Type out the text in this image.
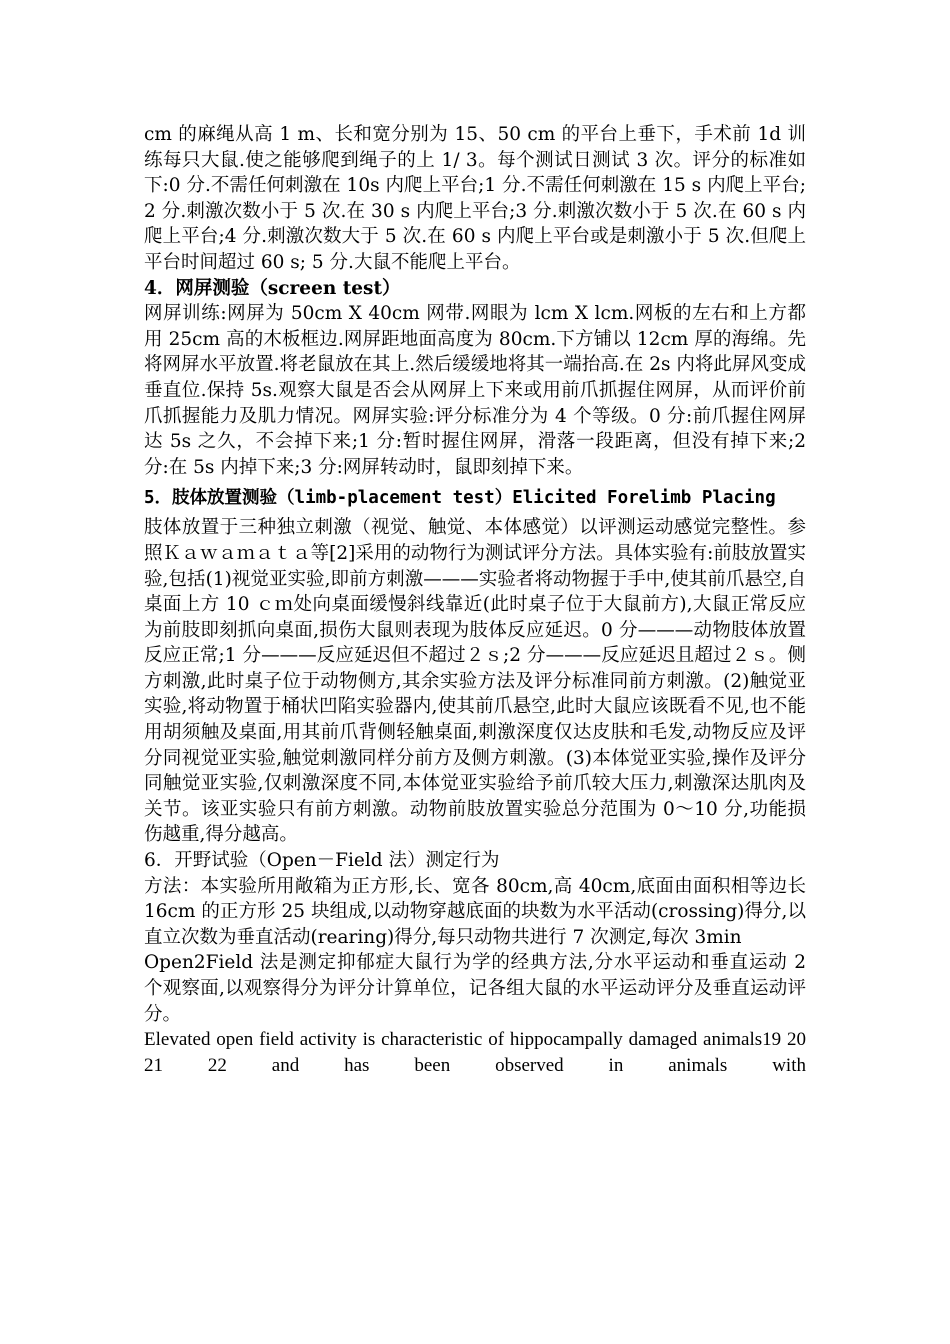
cm 的麻绳从高 1 m、长和宽分别为 15、50 cm 的平台上垂下，手术前 1d 训练每只大鼠.使之能够爬到绳子的上 1/ 3。每个测试日测试 3 次。评分的标准如下:0 分.不需任何刺激在 10s 内爬上平台;1 分.不需任何刺激在 15 s 内爬上平台;2 分.刺激次数小于 5 次.在 30 s 内爬上平台;3 分.刺激次数小于 5 次.在 60 s 内爬上平台;4 分.刺激次数大于 5 次.在 60 s 内爬上平台或是刺激小于 5 次.但爬上平台时间超过 60 s; 5 分.大鼠不能爬上平台。

4．网屏测验（screen test）

网屏训练:网屏为 50cm X 40cm 网带.网眼为 lcm X lcm.网板的左右和上方都用 25cm 高的木板框边.网屏距地面高度为 80cm.下方铺以 12cm 厚的海绵。先将网屏水平放置.将老鼠放在其上.然后缓缓地将其一端抬高.在 2s 内将此屏风变成垂直位.保持 5s.观察大鼠是否会从网屏上下来或用前爪抓握住网屏，从而评价前爪抓握能力及肌力情况。网屏实验:评分标准分为 4 个等级。0 分:前爪握住网屏达 5s 之久，不会掉下来;1 分:暂时握住网屏，滑落一段距离，但没有掉下来;2 分:在 5s 内掉下来;3 分:网屏转动时，鼠即刻掉下来。

5．肢体放置测验（limb-placement test）Elicited Forelimb Placing

肢体放置于三种独立刺激（视觉、触觉、本体感觉）以评测运动感觉完整性。参照Ｋａｗａｍａｔａ等[2]采用的动物行为测试评分方法。具体实验有:前肢放置实验,包括(1)视觉亚实验,即前方刺激———实验者将动物握于手中,使其前爪悬空,自桌面上方 10 ｃｍ处向桌面缓慢斜线靠近(此时桌子位于大鼠前方),大鼠正常反应为前肢即刻抓向桌面,损伤大鼠则表现为肢体反应延迟。0 分———动物肢体放置反应正常;1 分———反应延迟但不超过２ｓ;2 分———反应延迟且超过２ｓ。侧方刺激,此时桌子位于动物侧方,其余实验方法及评分标准同前方刺激。(2)触觉亚实验,将动物置于桶状凹陷实验器内,使其前爪悬空,此时大鼠应该既看不见,也不能用胡须触及桌面,用其前爪背侧轻触桌面,刺激深度仅达皮肤和毛发,动物反应及评分同视觉亚实验,触觉刺激同样分前方及侧方刺激。(3)本体觉亚实验,操作及评分同触觉亚实验,仅刺激深度不同,本体觉亚实验给予前爪较大压力,刺激深达肌肉及关节。该亚实验只有前方刺激。动物前肢放置实验总分范围为 0～10 分,功能损伤越重,得分越高。

6．开野试验（Open－Field 法）测定行为

方法：本实验所用敞箱为正方形,长、宽各 80cm,高 40cm,底面由面积相等边长 16cm 的正方形 25 块组成,以动物穿越底面的块数为水平活动(crossing)得分,以直立次数为垂直活动(rearing)得分,每只动物共进行 7 次测定,每次 3min

Open2Field 法是测定抑郁症大鼠行为学的经典方法,分水平运动和垂直运动 2 个观察面,以观察得分为评分计算单位，记各组大鼠的水平运动评分及垂直运动评分。

Elevated open field activity is characteristic of hippocampally damaged animals19 20 21 22 and has been observed in animals with
